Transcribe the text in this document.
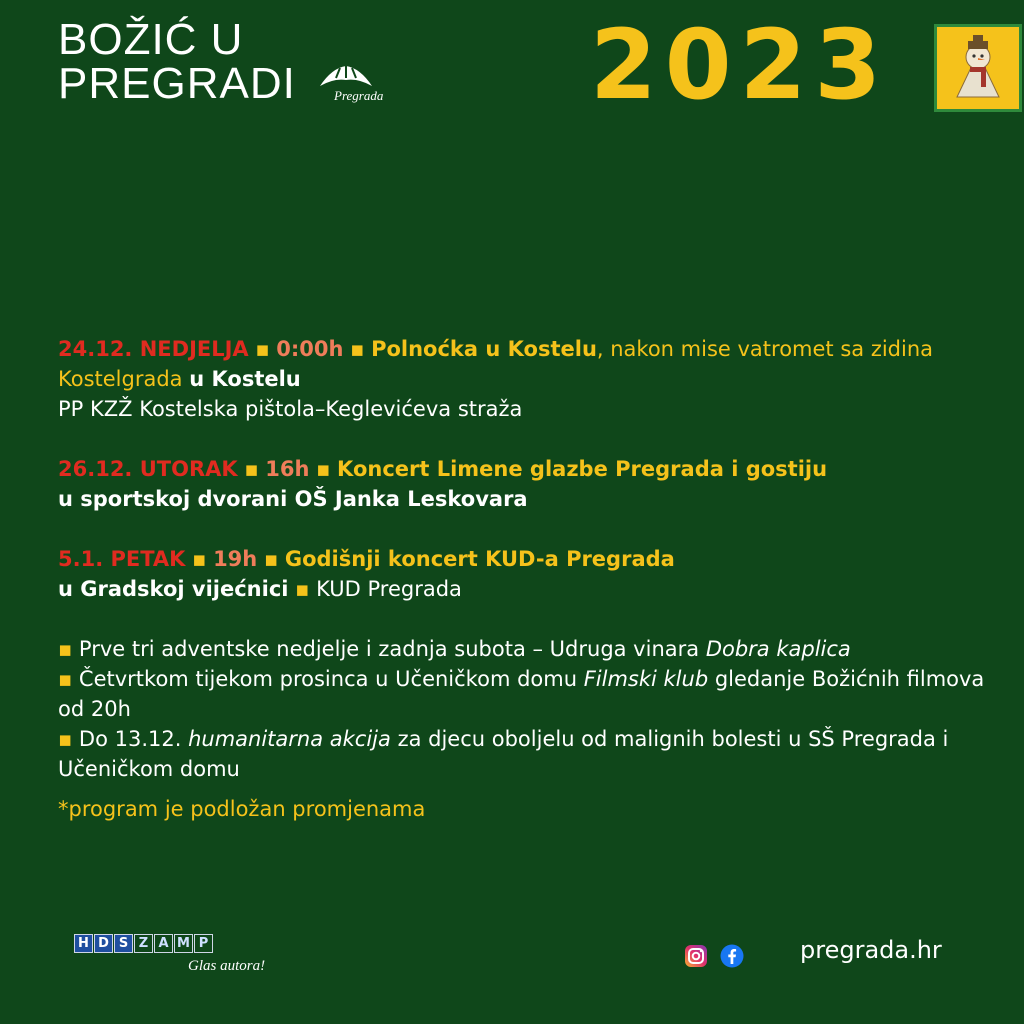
BOŽIĆ U
PREGRADI	Pregrada 2023
24.12. NEDJELJA ▪ 0:00h ▪ Polnoćka u Kostelu, nakon mise vatromet sa zidina Kostelgrada u Kostelu
PP KZŽ Kostelska pištola–Keglevićeva straža
26.12. UTORAK ▪ 16h ▪ Koncert Limene glazbe Pregrada i gostiju
u sportskoj dvorani OŠ Janka Leskovara
5.1. PETAK ▪ 19h ▪ Godišnji koncert KUD-a Pregrada
u Gradskoj vijećnici ▪ KUD Pregrada
▪ Prve tri adventske nedjelje i zadnja subota – Udruga vinara Dobra kaplica
▪ Četvrtkom tijekom prosinca u Učeničkom domu Filmski klub gledanje Božićnih filmova od 20h
▪ Do 13.12. humanitarna akcija za djecu oboljelu od malignih bolesti u SŠ Pregrada i Učeničkom domu
*program je podložan promjenama
H D S Z A M P
Glas autora!
pregrada.hr
